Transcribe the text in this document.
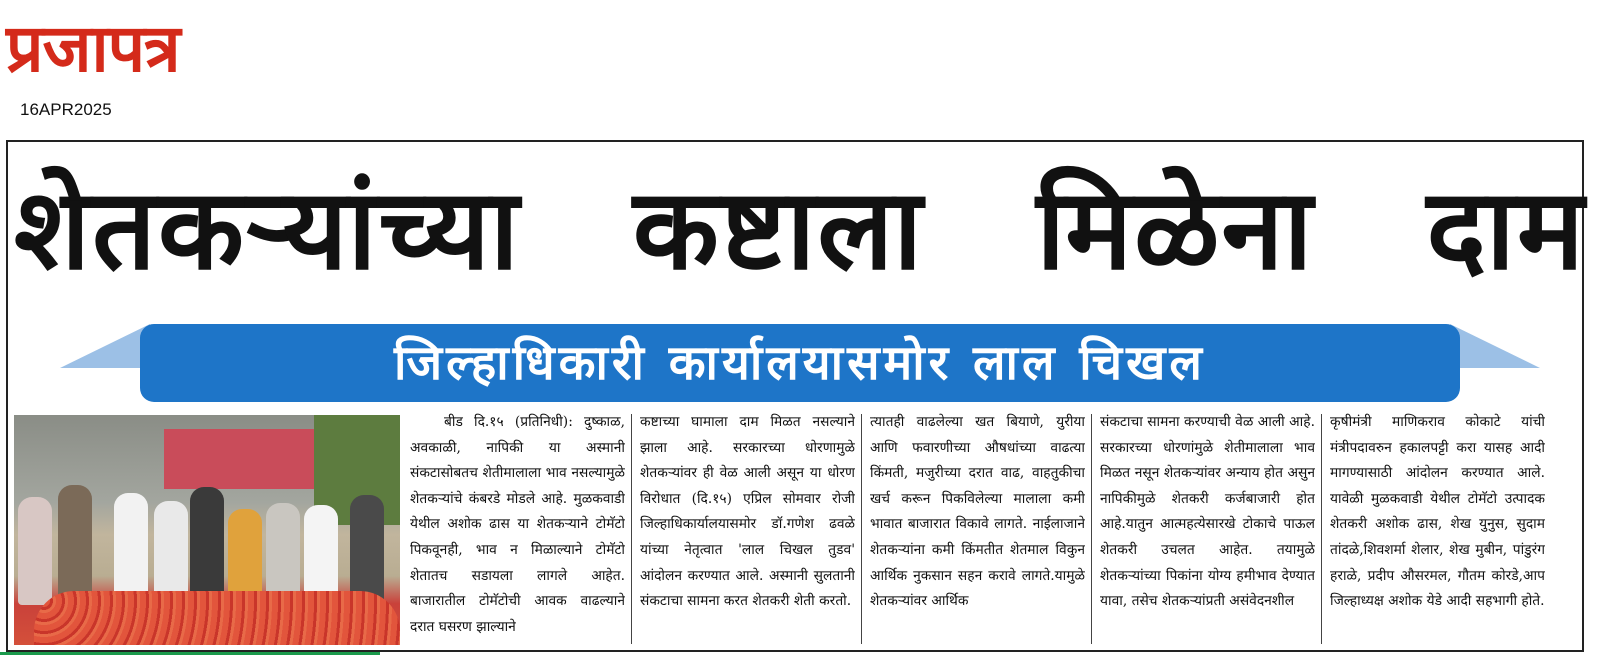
प्रजापत्र
16APR2025
शेतकऱ्यांच्या कष्टाला मिळेना दाम
जिल्हाधिकारी कार्यालयासमोर लाल चिखल

बीड दि.१५ (प्रतिनिधी): दुष्काळ, अवकाळी, नापिकी या अस्मानी संकटासोबतच शेतीमालाला भाव नसल्यामुळे शेतकऱ्यांचे कंबरडे मोडले आहे. मुळकवाडी येथील अशोक ढास या शेतकऱ्याने टोमॅटो पिकवूनही, भाव न मिळाल्याने टोमॅटो शेतातच सडायला लागले आहेत. बाजारातील टोमॅटोची आवक वाढल्याने दरात घसरण झाल्याने

कष्टाच्या घामाला दाम मिळत नसल्याने झाला आहे. सरकारच्या धोरणामुळे शेतकऱ्यांवर ही वेळ आली असून या धोरण विरोधात (दि.१५) एप्रिल सोमवार रोजी जिल्हाधिकार्यालयासमोर डॉ.गणेश ढवळे यांच्या नेतृत्वात 'लाल चिखल तुडव' आंदोलन करण्यात आले. अस्मानी सुलतानी संकटाचा सामना करत शेतकरी शेती करतो.

त्यातही वाढलेल्या खत बियाणे, युरीया आणि फवारणीच्या औषधांच्या वाढत्या किंमती, मजुरीच्या दरात वाढ, वाहतुकीचा खर्च करून पिकविलेल्या मालाला कमी भावात बाजारात विकावे लागते. नाईलाजाने शेतकऱ्यांना कमी किंमतीत शेतमाल विकुन आर्थिक नुकसान सहन करावे लागते.यामुळे शेतकऱ्यांवर आर्थिक

संकटाचा सामना करण्याची वेळ आली आहे. सरकारच्या धोरणांमुळे शेतीमालाला भाव मिळत नसून शेतकऱ्यांवर अन्याय होत असुन नापिकीमुळे शेतकरी कर्जबाजारी होत आहे.यातुन आत्महत्येसारखे टोकाचे पाऊल शेतकरी उचलत आहेत. तयामुळे शेतकऱ्यांच्या पिकांना योग्य हमीभाव देण्यात यावा, तसेच शेतकऱ्यांप्रती असंवेदनशील

कृषीमंत्री माणिकराव कोकाटे यांची मंत्रीपदावरुन हकालपट्टी करा यासह आदी मागण्यासाठी आंदोलन करण्यात आले. यावेळी मुळकवाडी येथील टोमॅटो उत्पादक शेतकरी अशोक ढास, शेख युनुस, सुदाम तांदळे,शिवशर्मा शेलार, शेख मुबीन, पांडुरंग हराळे, प्रदीप औसरमल, गौतम कोरडे,आप जिल्हाध्यक्ष अशोक येडे आदी सहभागी होते.
